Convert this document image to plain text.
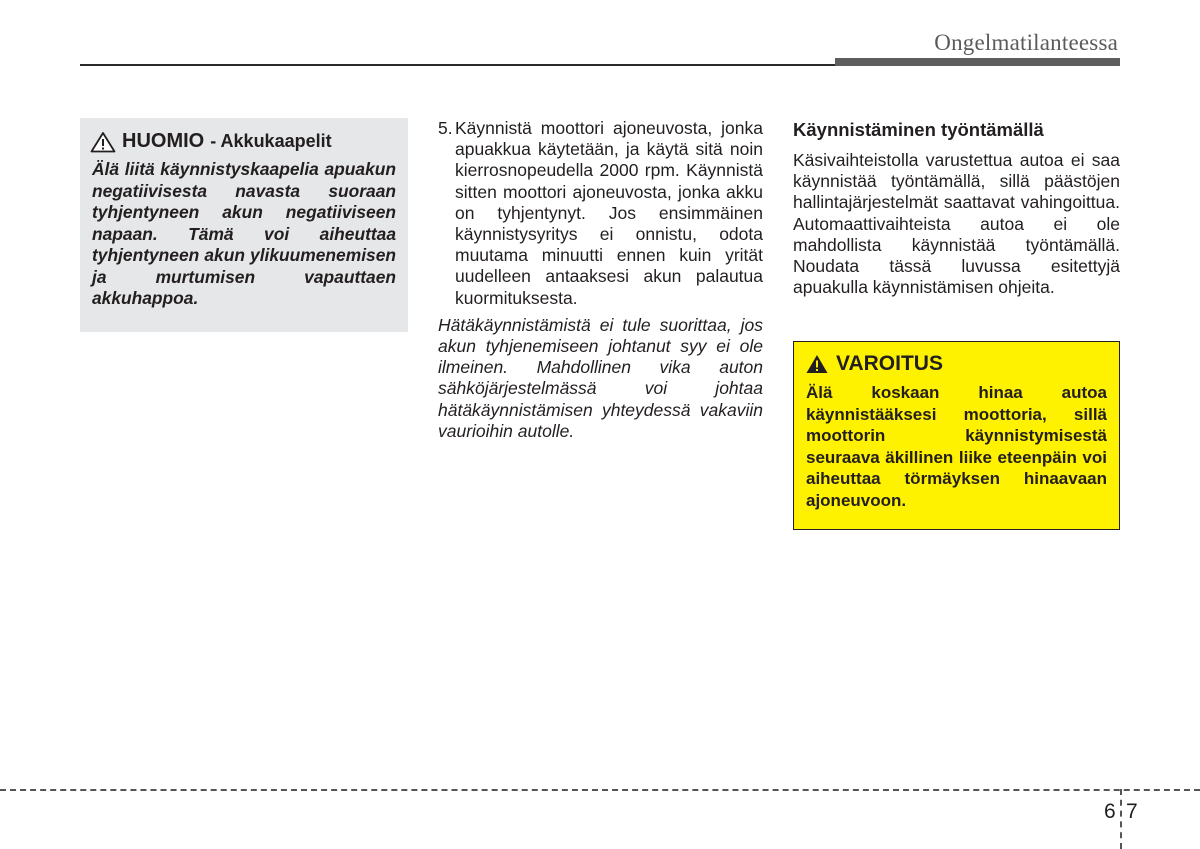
Ongelmatilanteessa
HUOMIO - Akkukaapelit
Älä liitä käynnistyskaapelia apuakun negatiivisesta navasta suoraan tyhjentyneen akun negatiiviseen napaan. Tämä voi aiheuttaa tyhjentyneen akun ylikuumenemisen ja murtumisen vapauttaen akkuhappoa.
5. Käynnistä moottori ajoneuvosta, jonka apuakkua käytetään, ja käytä sitä noin kierrosnopeudella 2000 rpm. Käynnistä sitten moottori ajoneuvosta, jonka akku on tyhjentynyt. Jos ensimmäinen käynnistysyritys ei onnistu, odota muutama minuutti ennen kuin yrität uudelleen antaaksesi akun palautua kuormituksesta.
Hätäkäynnistämistä ei tule suorittaa, jos akun tyhjenemiseen johtanut syy ei ole ilmeinen. Mahdollinen vika auton sähköjärjestelmässä voi johtaa hätäkäynnistämisen yhteydessä vakaviin vaurioihin autolle.
Käynnistäminen työntämällä
Käsivaihteistolla varustettua autoa ei saa käynnistää työntämällä, sillä päästöjen hallintajärjestelmät saattavat vahingoittua. Automaattivaihteista autoa ei ole mahdollista käynnistää työntämällä. Noudata tässä luvussa esitettyjä apuakulla käynnistämisen ohjeita.
VAROITUS
Älä koskaan hinaa autoa käynnistääksesi moottoria, sillä moottorin käynnistymisestä seuraava äkillinen liike eteenpäin voi aiheuttaa törmäyksen hinaavaan ajoneuvoon.
6 7
